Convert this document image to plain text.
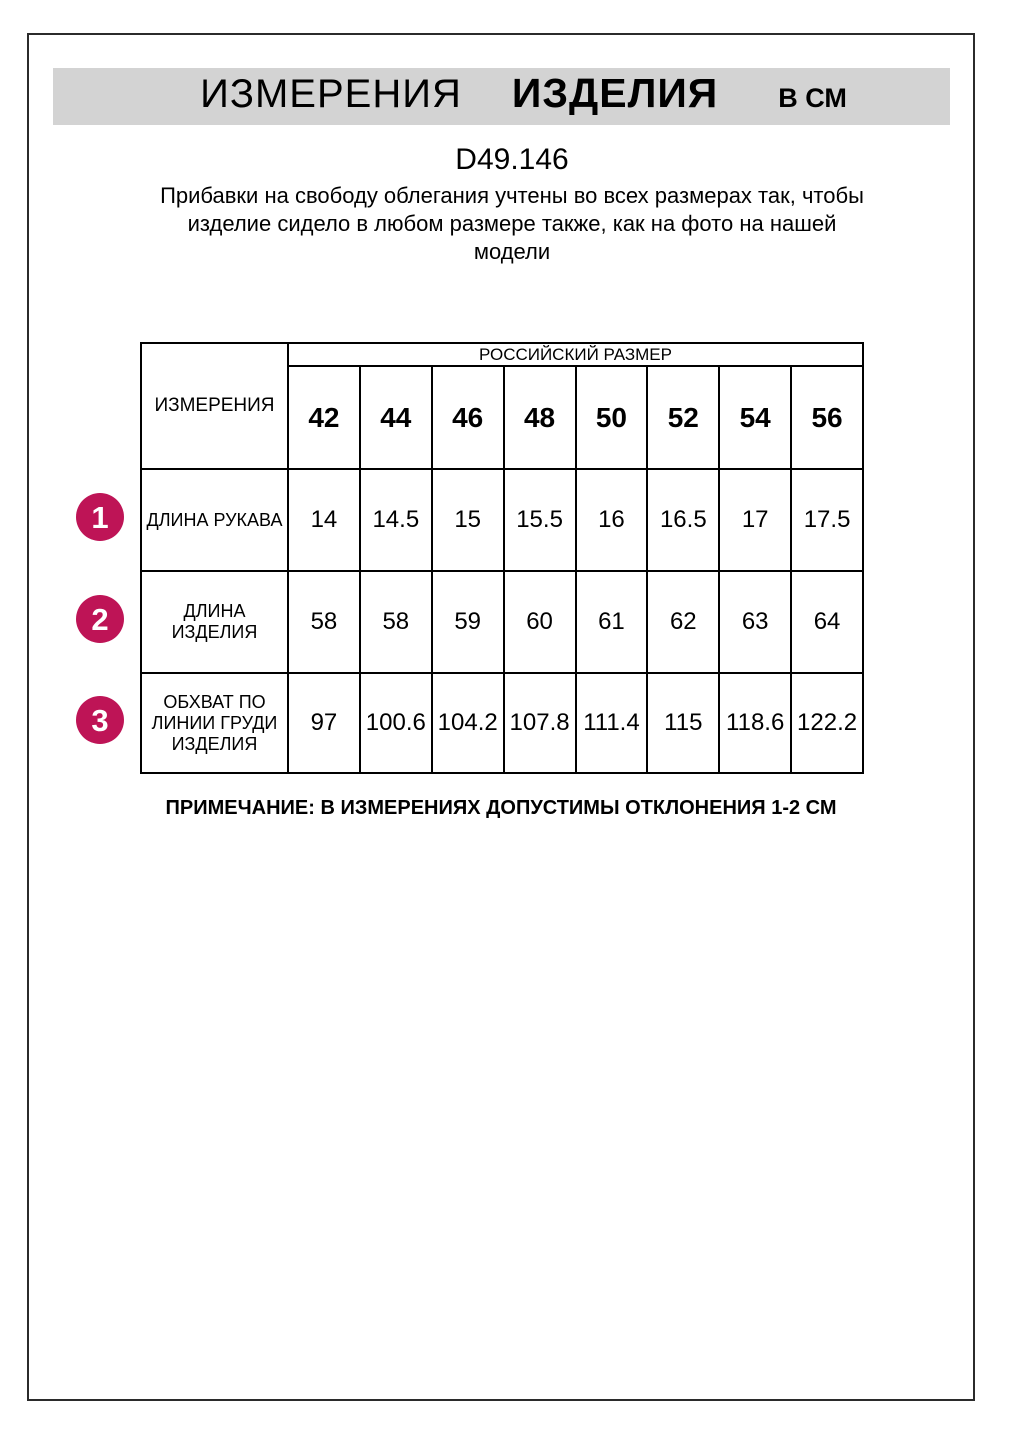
ИЗМЕРЕНИЯ ИЗДЕЛИЯ В СМ
D49.146
Прибавки на свободу облегания учтены во всех размерах так, чтобы
изделие сидело в любом размере также, как на фото на нашей
модели
ИЗМЕРЕНИЯ	РОССИЙСКИЙ РАЗМЕР							
	42	44	46	48	50	52	54	56

ДЛИНА РУКАВА	14	14.5	15	15.5	16	16.5	17	17.5

ДЛИНА
ИЗДЕЛИЯ	58	58	59	60	61	62	63	64

ОБХВАТ ПО
ЛИНИИ ГРУДИ
ИЗДЕЛИЯ	97	100.6	104.2	107.8	111.4	115	118.6	122.2
1
2
3
ПРИМЕЧАНИЕ: В ИЗМЕРЕНИЯХ ДОПУСТИМЫ ОТКЛОНЕНИЯ 1-2 СМ
